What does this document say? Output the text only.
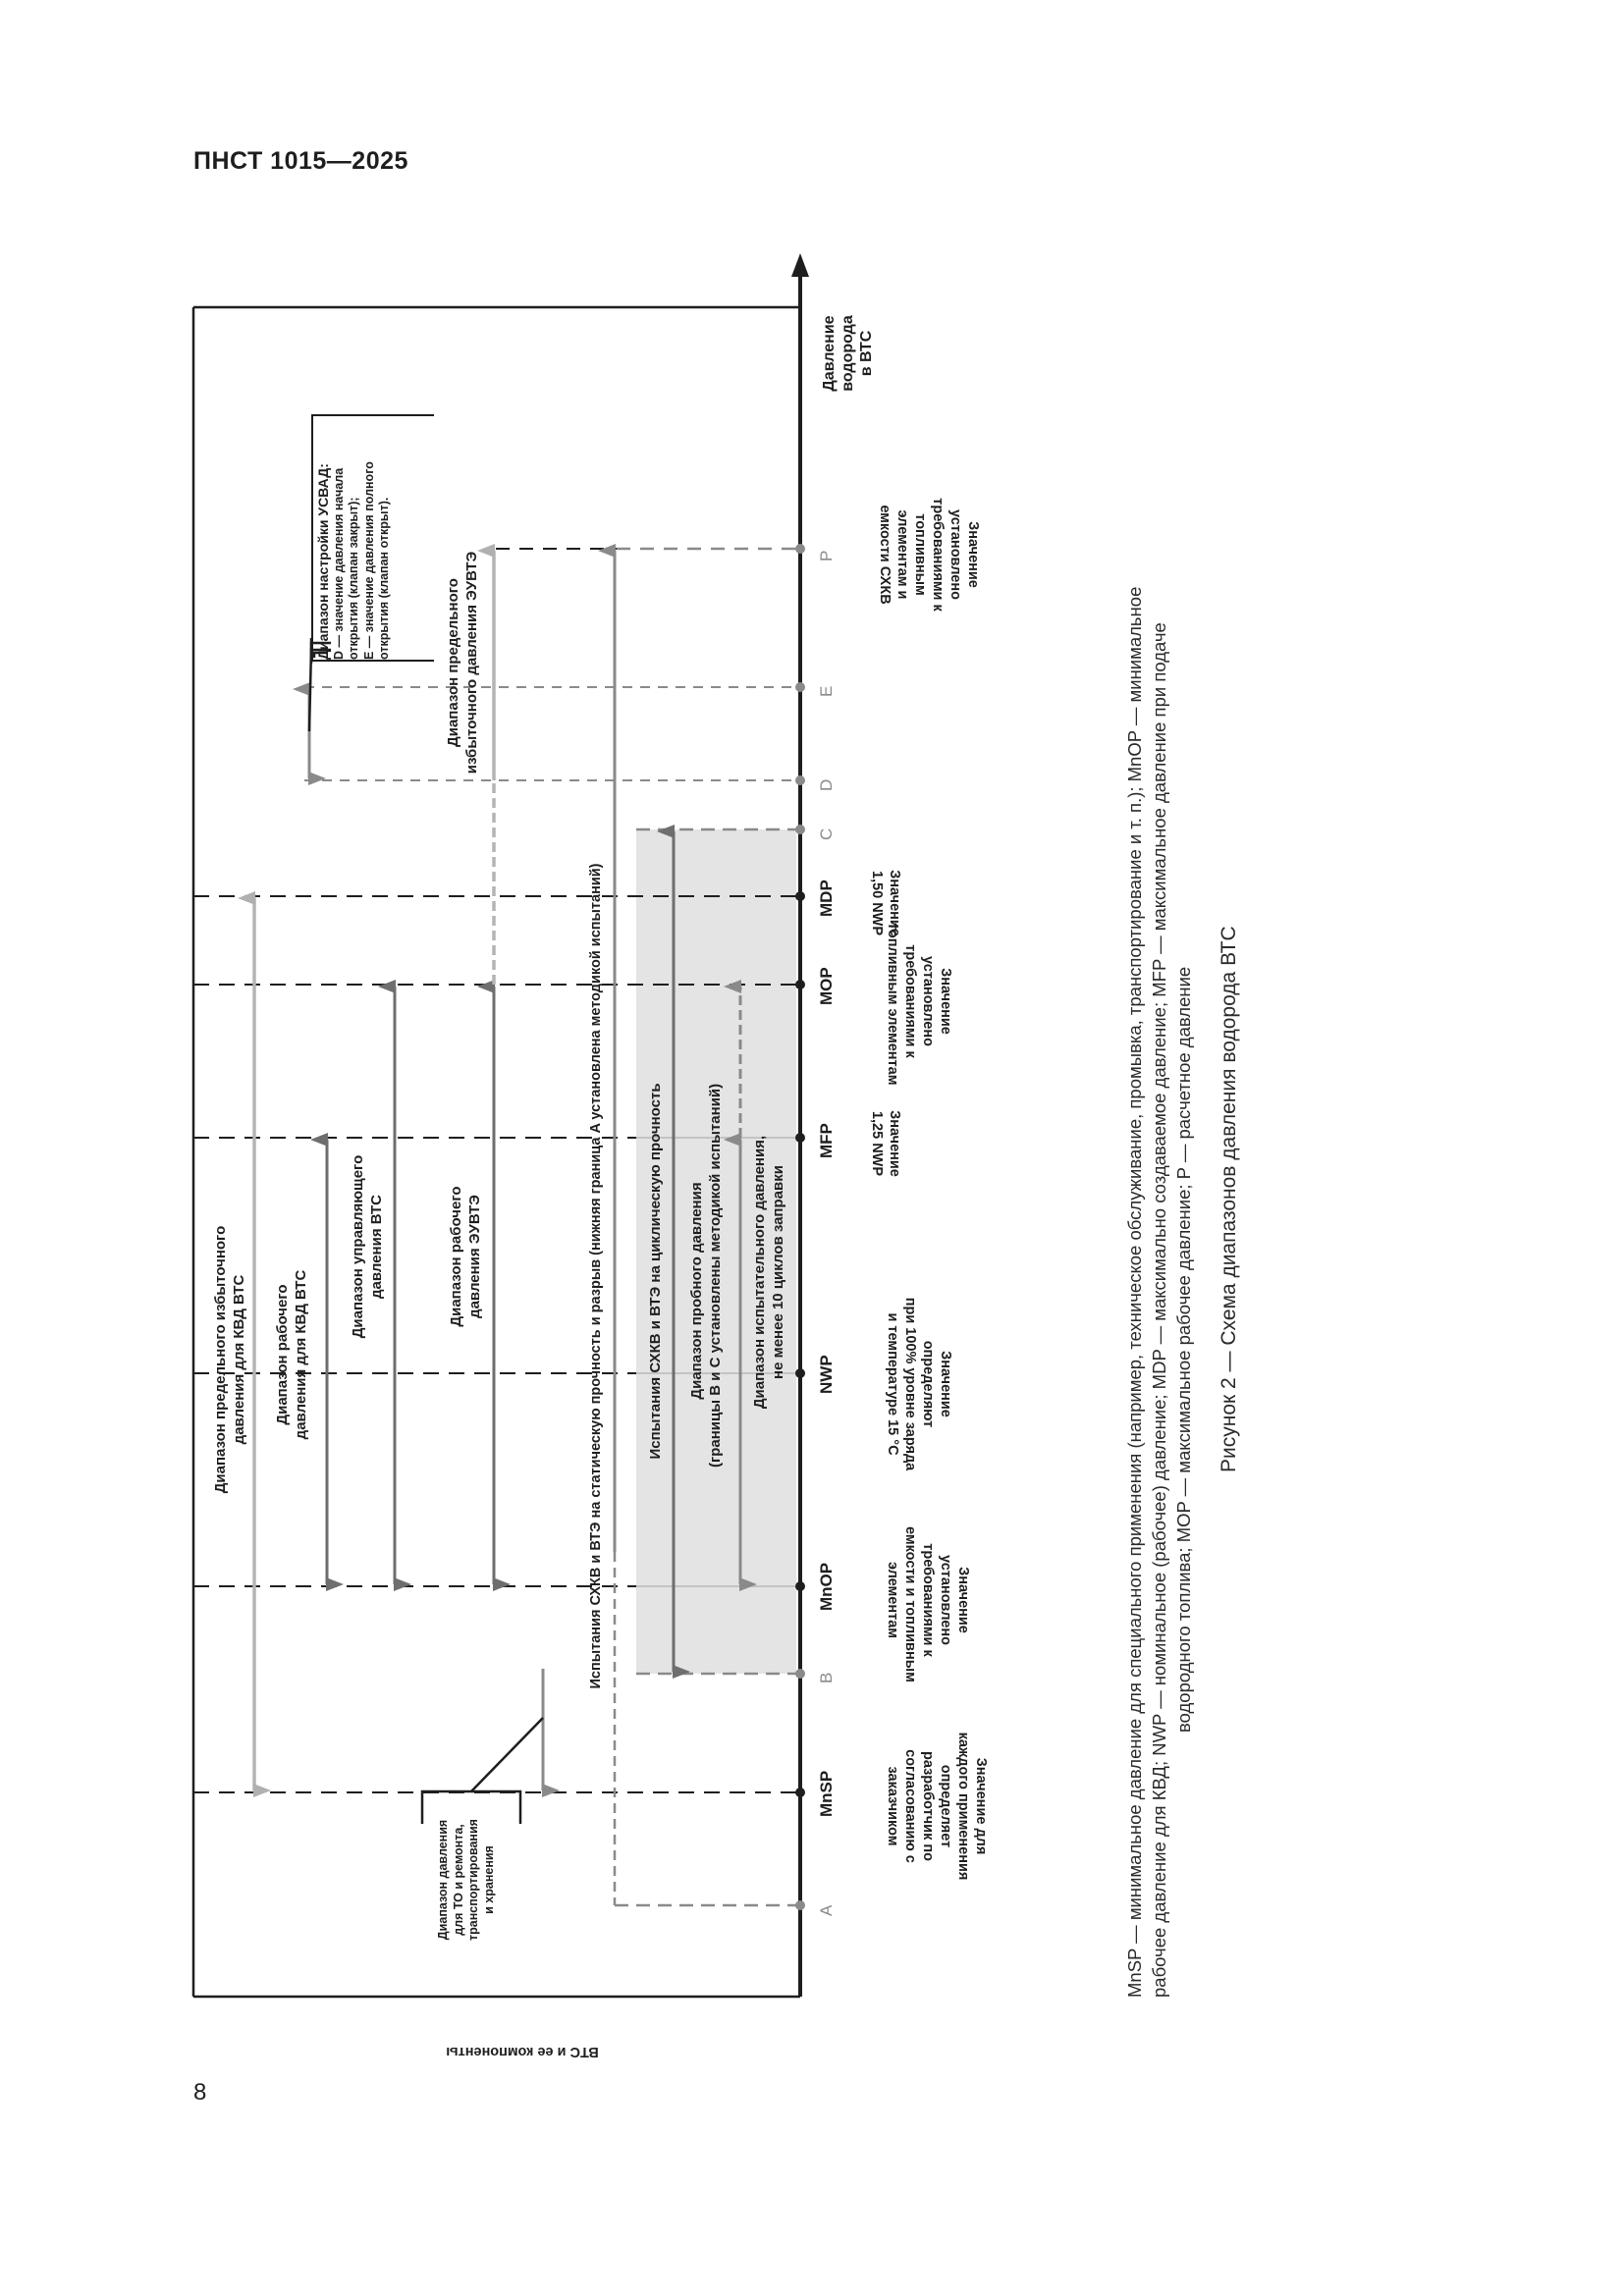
ПНСТ 1015—2025
P
E
D
C
MDP
MOP
MFP
NWP
MnOP
B
MnSP
A
Давление водорода в ВТС
Значение
установлено
требованиями к
топливным
элементам и
емкости СХКВ
Значение
1,50 NWP
Значение
установлено
требованиями к
топливным элементам
Значение
1,25 NWP
Значение
определяют
при 100% уровне заряда
и температуре 15 °C
Значение
установлено
требованиями к
емкости и топливным
элементам
Значение для
каждого применения
определяет
разработчик по
согласованию с
заказчиком
Диапазон предельного избыточного давления для КВД ВТС Диапазон рабочего давления для КВД ВТС
Диапазон управляющего давления ВТС	Диапазон рабочего давления ЭУВТЭ
Диапазон предельного избыточного давления ЭУВТЭ
Диапазон настройки УСВАД: D — значение давления начала открытия (клапан закрыт); E — значение давления полного открытия (клапан открыт).
Испытания СХКВ и ВТЭ на статическую прочность и разрыв (нижняя граница A установлена методикой испытаний)	Испытания СХКВ и ВТЭ на циклическую прочность Диапазон пробного давления (границы B и C установлены методикой испытаний) Диапазон испытательного давления, не менее 10 циклов заправки
Диапазон давления для ТО и ремонта, транспортирования и хранения
ВТС и ее компоненты
MnSP — минимальное давление для специального применения (например, техническое обслуживание, промывка, транспортирование и т. п.); MnOP — минимальное рабочее давление для КВД; NWP — номинальное (рабочее) давление; MDP — максимально создаваемое давление; MFP — максимальное давление при подаче водородного топлива; MOP — максимальное рабочее давление; P — расчетное давление Рисунок 2 — Схема диапазонов давления водорода ВТС
8
